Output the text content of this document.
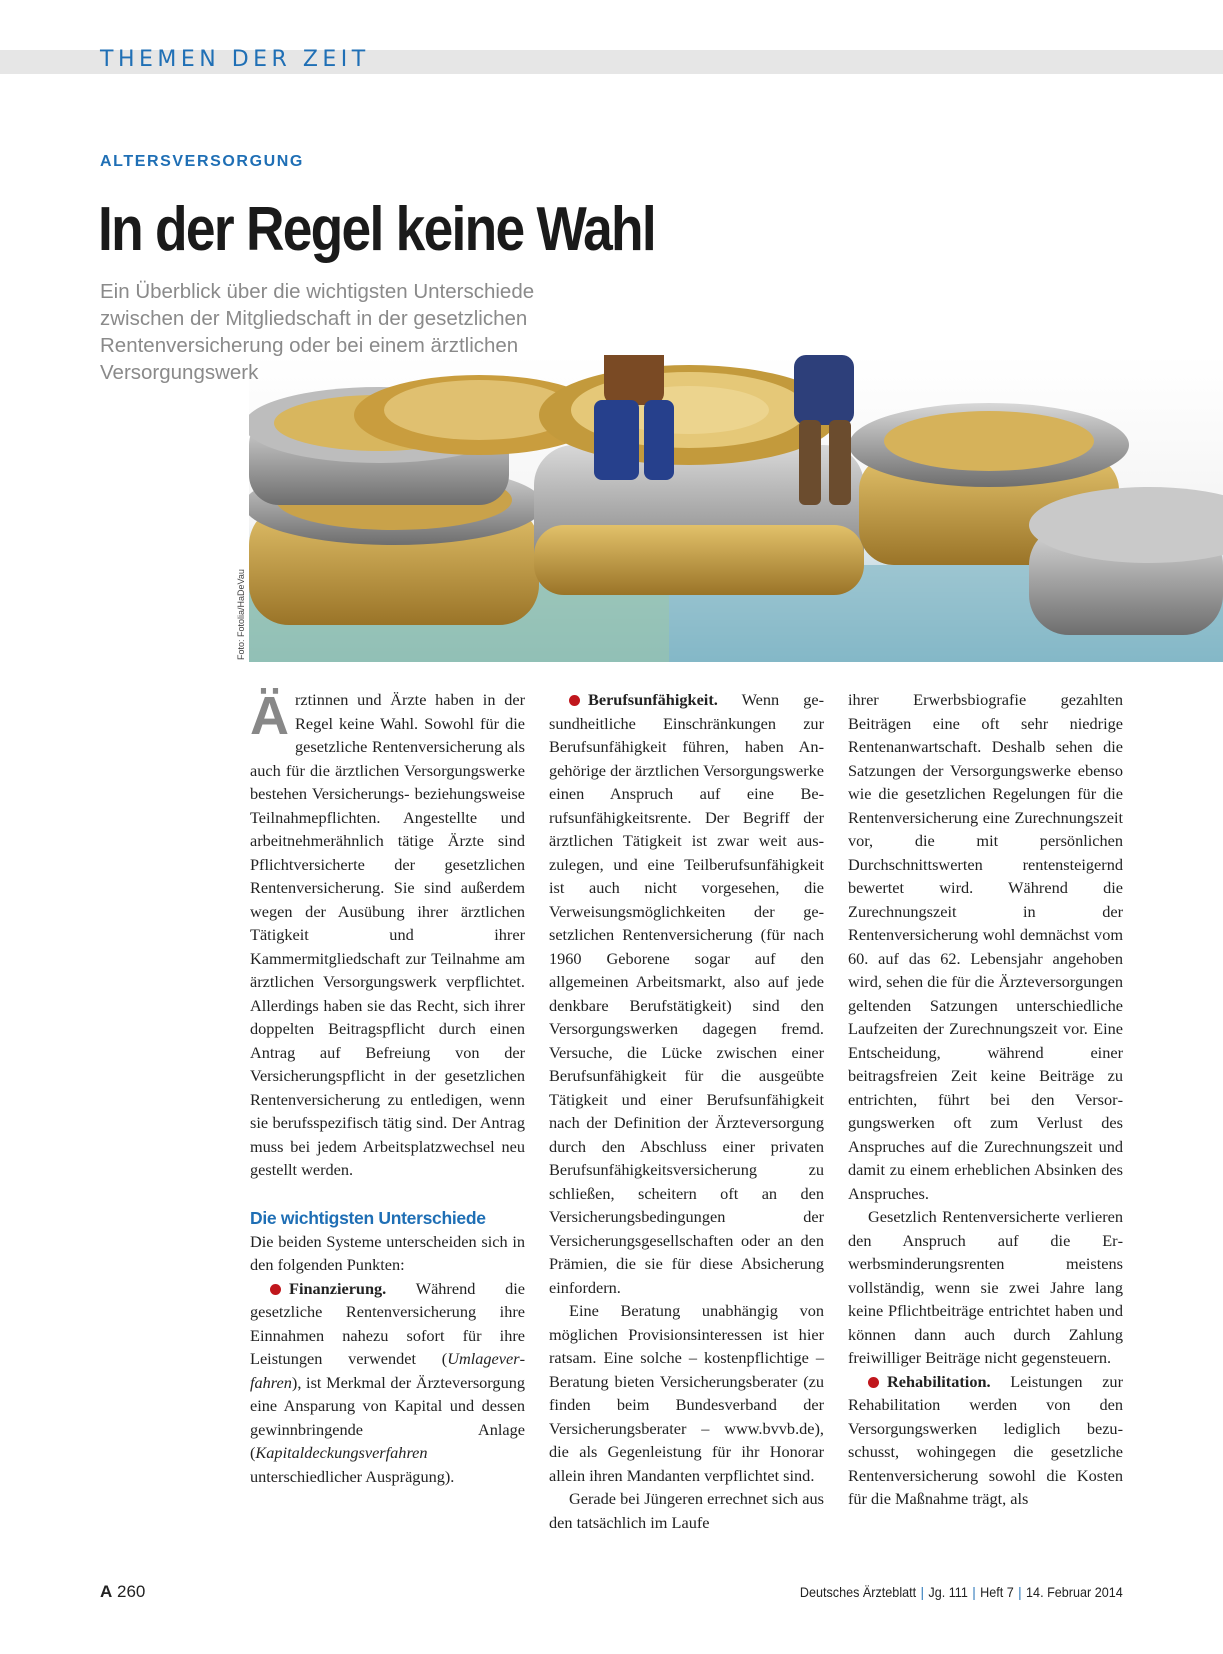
THEMEN DER ZEIT
ALTERSVERSORGUNG
In der Regel keine Wahl
Ein Überblick über die wichtigsten Unterschiede zwischen der Mitgliedschaft in der gesetzlichen Rentenversicherung oder bei einem ärztlichen Versorgungswerk
Foto: Fotolia/HaDeVau
Ä rztinnen und Ärzte haben in der Regel keine Wahl. Sowohl für die gesetzliche Rentenversicherung als auch für die ärztlichen Versorgungswerke bestehen Versicherungs- beziehungsweise Teilnahmepflichten. Angestellte und arbeitnehmerähnlich tätige Ärzte sind Pflichtversicherte der gesetzlichen Rentenversicherung. Sie sind außerdem wegen der Ausübung ihrer ärztlichen Tätigkeit und ihrer Kammermitgliedschaft zur Teilnahme am ärztlichen Versorgungswerk verpflichtet. Allerdings haben sie das Recht, sich ihrer doppelten Beitragspflicht durch einen Antrag auf Befreiung von der Versicherungspflicht in der gesetzlichen Rentenversicherung zu entledigen, wenn sie berufsspezifisch tätig sind. Der Antrag muss bei jedem Arbeitsplatzwechsel neu gestellt werden.

Die wichtigsten Unterschiede

Die beiden Systeme unterscheiden sich in den folgenden Punkten:

Finanzierung. Während die gesetzliche Rentenversicherung ihre Einnahmen nahezu sofort für ihre Leistungen verwendet (Umlageverfahren), ist Merkmal der Ärzteversorgung eine Ansparung von Kapital und dessen gewinnbringende Anlage (Kapitaldeckungsverfahren unterschiedlicher Ausprägung).

Berufsunfähigkeit. Wenn gesundheitliche Einschränkungen zur Berufsunfähigkeit führen, haben Angehörige der ärztlichen Versorgungswerke einen Anspruch auf eine Berufsunfähigkeitsrente. Der Begriff der ärztlichen Tätigkeit ist zwar weit auszulegen, und eine Teilberufsunfähigkeit ist auch nicht vorgesehen, die Verweisungsmöglichkeiten der gesetzlichen Rentenversicherung (für nach 1960 Geborene sogar auf den allgemeinen Arbeitsmarkt, also auf jede denkbare Berufstätigkeit) sind den Versorgungswerken dagegen fremd. Versuche, die Lücke zwischen einer Berufsunfähigkeit für die ausgeübte Tätigkeit und einer Berufsunfähigkeit nach der Definition der Ärzteversorgung durch den Abschluss einer privaten Berufsunfähigkeitsversicherung zu schließen, scheitern oft an den Versicherungsbedingungen der Versicherungsgesellschaften oder an den Prämien, die sie für diese Absicherung einfordern.

Eine Beratung unabhängig von möglichen Provisionsinteressen ist hier ratsam. Eine solche – kostenpflichtige – Beratung bieten Versicherungsberater (zu finden beim Bundesverband der Versicherungsberater – www.bvvb.de), die als Gegenleistung für ihr Honorar allein ihren Mandanten verpflichtet sind.

Gerade bei Jüngeren errechnet sich aus den tatsächlich im Laufe

ihrer Erwerbsbiografie gezahlten Beiträgen eine oft sehr niedrige Rentenanwartschaft. Deshalb sehen die Satzungen der Versorgungswerke ebenso wie die gesetzlichen Regelungen für die Rentenversicherung eine Zurechnungszeit vor, die mit persönlichen Durchschnittswerten rentensteigernd bewertet wird. Während die Zurechnungszeit in der Rentenversicherung wohl demnächst vom 60. auf das 62. Lebensjahr angehoben wird, sehen die für die Ärzteversorgungen geltenden Satzungen unterschiedliche Laufzeiten der Zurechnungszeit vor. Eine Entscheidung, während einer beitragsfreien Zeit keine Beiträge zu entrichten, führt bei den Versorgungswerken oft zum Verlust des Anspruches auf die Zurechnungszeit und damit zu einem erheblichen Absinken des Anspruches.

Gesetzlich Rentenversicherte verlieren den Anspruch auf die Erwerbsminderungsrenten meistens vollständig, wenn sie zwei Jahre lang keine Pflichtbeiträge entrichtet haben und können dann auch durch Zahlung freiwilliger Beiträge nicht gegensteuern.

Rehabilitation. Leistungen zur Rehabilitation werden von den Versorgungswerken lediglich bezuschusst, wohingegen die gesetzliche Rentenversicherung sowohl die Kosten für die Maßnahme trägt, als

A 260	Deutsches Ärzteblatt | Jg. 111 | Heft 7 | 14. Februar 2014
